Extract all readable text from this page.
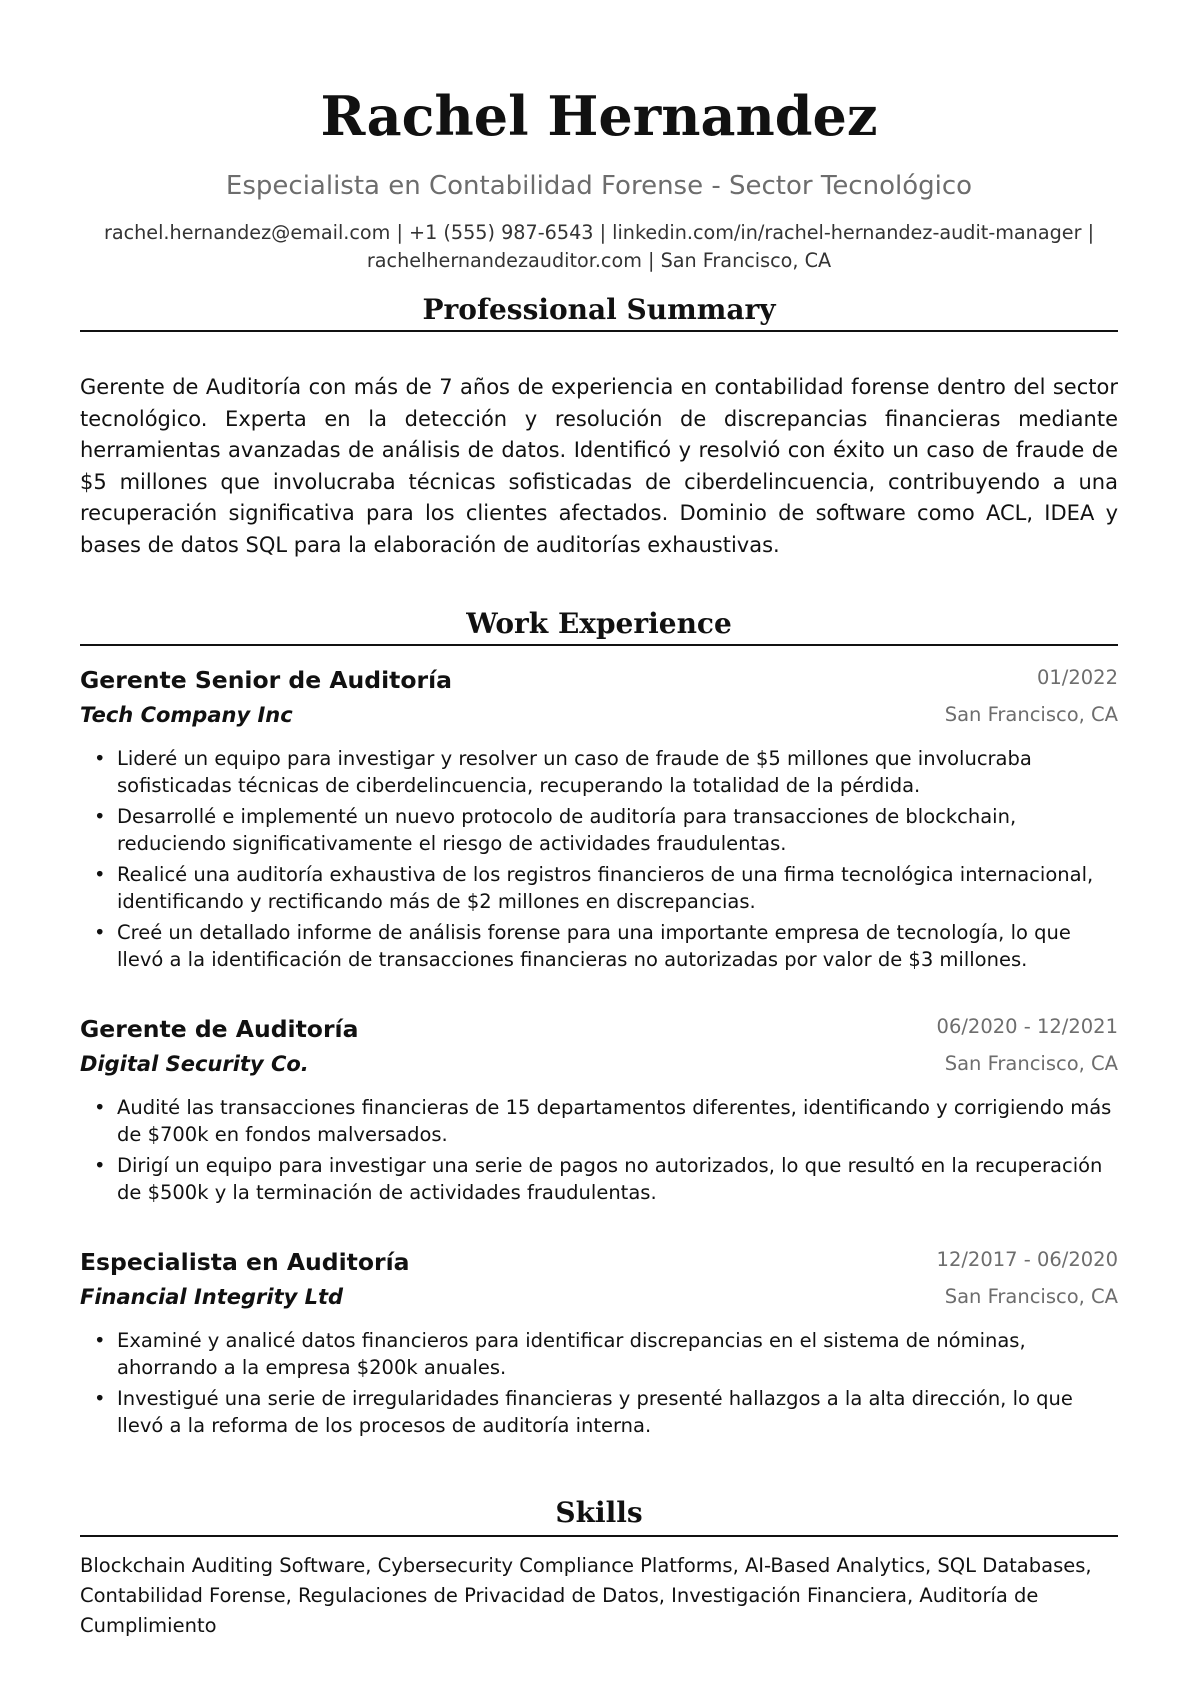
Rachel Hernandez

Especialista en Contabilidad Forense - Sector Tecnológico

rachel.hernandez@email.com | +1 (555) 987-6543 | linkedin.com/in/rachel-hernandez-audit-manager |
rachelhernandezauditor.com | San Francisco, CA
Professional Summary

Gerente de Auditoría con más de 7 años de experiencia en contabilidad forense dentro del sector tecnológico. Experta en la detección y resolución de discrepancias financieras mediante herramientas avanzadas de análisis de datos. Identificó y resolvió con éxito un caso de fraude de $5 millones que involucraba técnicas sofisticadas de ciberdelincuencia, contribuyendo a una recuperación significativa para los clientes afectados. Dominio de software como ACL, IDEA y bases de datos SQL para la elaboración de auditorías exhaustivas.

Work Experience
Gerente Senior de Auditoría	01/2022
Tech Company Inc	San Francisco, CA
• Lideré un equipo para investigar y resolver un caso de fraude de $5 millones que involucraba sofisticadas técnicas de ciberdelincuencia, recuperando la totalidad de la pérdida.
• Desarrollé e implementé un nuevo protocolo de auditoría para transacciones de blockchain, reduciendo significativamente el riesgo de actividades fraudulentas.
• Realicé una auditoría exhaustiva de los registros financieros de una firma tecnológica internacional, identificando y rectificando más de $2 millones en discrepancias.
• Creé un detallado informe de análisis forense para una importante empresa de tecnología, lo que llevó a la identificación de transacciones financieras no autorizadas por valor de $3 millones.
Gerente de Auditoría	06/2020 - 12/2021
Digital Security Co.	San Francisco, CA
• Audité las transacciones financieras de 15 departamentos diferentes, identificando y corrigiendo más de $700k en fondos malversados.
• Dirigí un equipo para investigar una serie de pagos no autorizados, lo que resultó en la recuperación de $500k y la terminación de actividades fraudulentas.
Especialista en Auditoría	12/2017 - 06/2020
Financial Integrity Ltd	San Francisco, CA
• Examiné y analicé datos financieros para identificar discrepancias en el sistema de nóminas, ahorrando a la empresa $200k anuales.
• Investigué una serie de irregularidades financieras y presenté hallazgos a la alta dirección, lo que llevó a la reforma de los procesos de auditoría interna.
Skills

Blockchain Auditing Software, Cybersecurity Compliance Platforms, AI-Based Analytics, SQL Databases, Contabilidad Forense, Regulaciones de Privacidad de Datos, Investigación Financiera, Auditoría de Cumplimiento
